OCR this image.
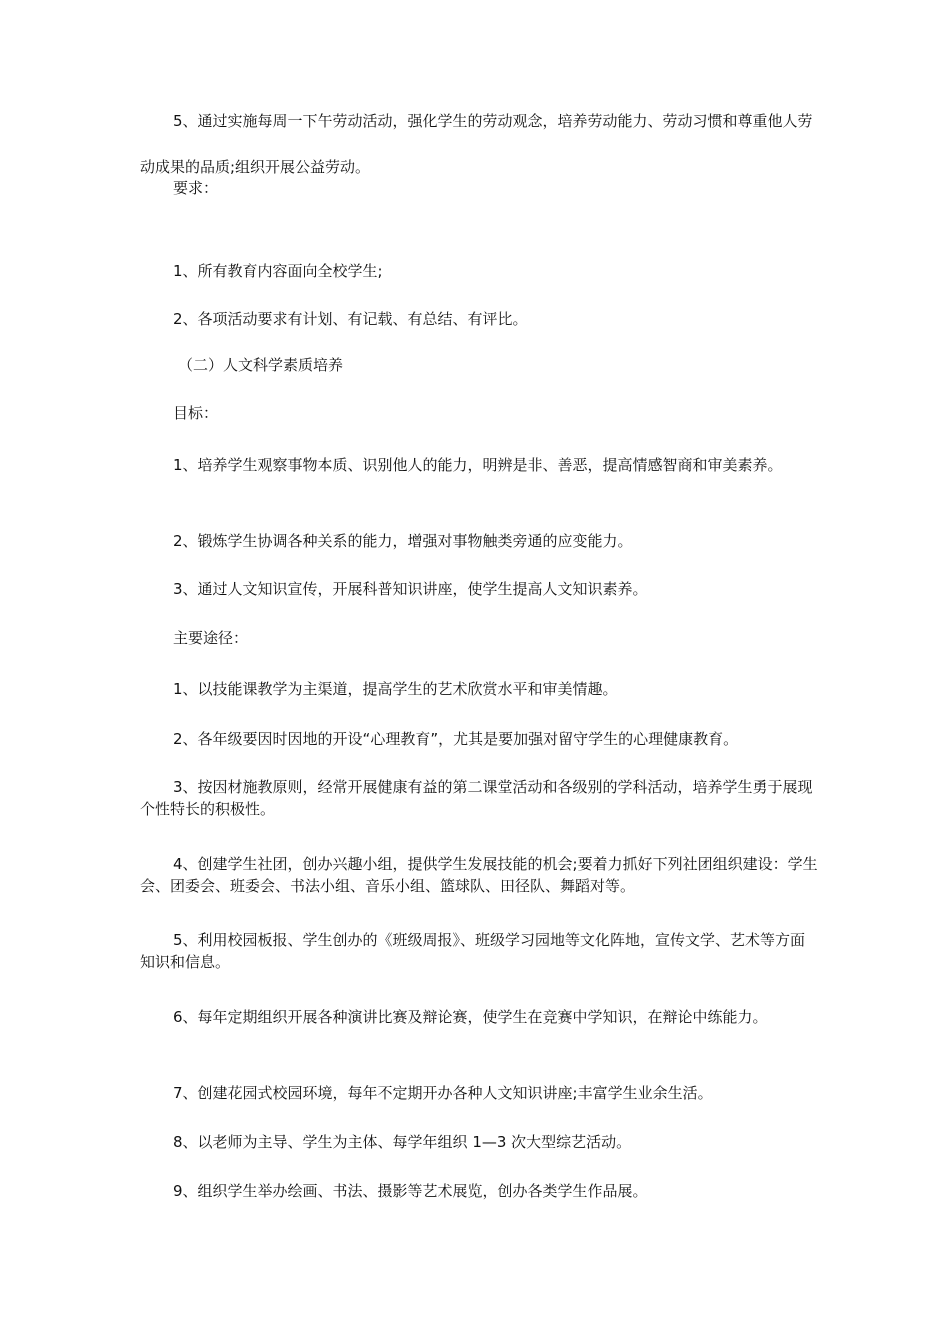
5、通过实施每周一下午劳动活动，强化学生的劳动观念，培养劳动能力、劳动习惯和尊重他人劳动成果的品质;组织开展公益劳动。

要求：

1、所有教育内容面向全校学生;

2、各项活动要求有计划、有记载、有总结、有评比。

（二）人文科学素质培养

目标：

1、培养学生观察事物本质、识别他人的能力，明辨是非、善恶，提高情感智商和审美素养。

2、锻炼学生协调各种关系的能力，增强对事物触类旁通的应变能力。

3、通过人文知识宣传，开展科普知识讲座，使学生提高人文知识素养。

主要途径：

1、以技能课教学为主渠道，提高学生的艺术欣赏水平和审美情趣。

2、各年级要因时因地的开设“心理教育”，尤其是要加强对留守学生的心理健康教育。

3、按因材施教原则，经常开展健康有益的第二课堂活动和各级别的学科活动，培养学生勇于展现个性特长的积极性。

4、创建学生社团，创办兴趣小组，提供学生发展技能的机会;要着力抓好下列社团组织建设：学生会、团委会、班委会、书法小组、音乐小组、篮球队、田径队、舞蹈对等。

5、利用校园板报、学生创办的《班级周报》、班级学习园地等文化阵地，宣传文学、艺术等方面知识和信息。

6、每年定期组织开展各种演讲比赛及辩论赛，使学生在竞赛中学知识，在辩论中练能力。

7、创建花园式校园环境，每年不定期开办各种人文知识讲座;丰富学生业余生活。

8、以老师为主导、学生为主体、每学年组织 1—3 次大型综艺活动。

9、组织学生举办绘画、书法、摄影等艺术展览，创办各类学生作品展。
